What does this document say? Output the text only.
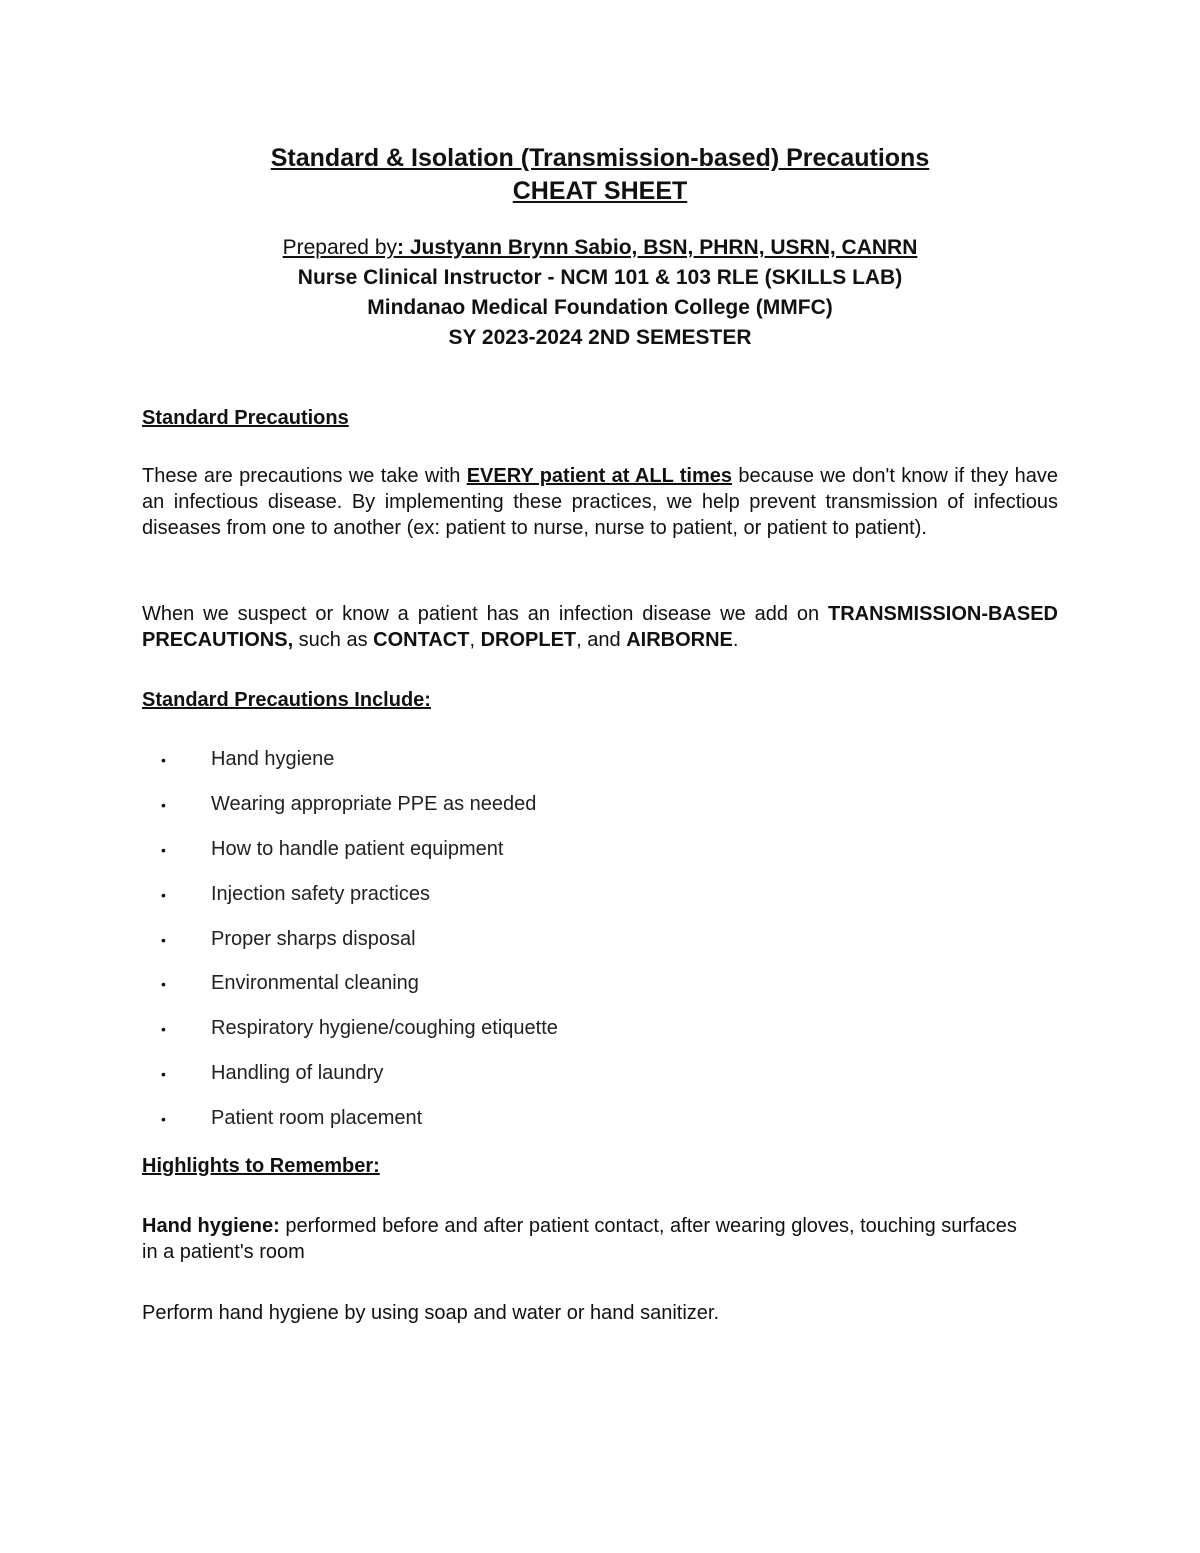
Standard & Isolation (Transmission-based) Precautions
CHEAT SHEET
Prepared by: Justyann Brynn Sabio, BSN, PHRN, USRN, CANRN
Nurse Clinical Instructor - NCM 101 & 103 RLE (SKILLS LAB)
Mindanao Medical Foundation College (MMFC)
SY 2023-2024 2ND SEMESTER
Standard Precautions
These are precautions we take with EVERY patient at ALL times because we don't know if they have an infectious disease. By implementing these practices, we help prevent transmission of infectious diseases from one to another (ex: patient to nurse, nurse to patient, or patient to patient).
When we suspect or know a patient has an infection disease we add on TRANSMISSION-BASED PRECAUTIONS, such as CONTACT, DROPLET, and AIRBORNE.
Standard Precautions Include:
• Hand hygiene
• Wearing appropriate PPE as needed
• How to handle patient equipment
• Injection safety practices
• Proper sharps disposal
• Environmental cleaning
• Respiratory hygiene/coughing etiquette
• Handling of laundry
• Patient room placement
Highlights to Remember:
Hand hygiene: performed before and after patient contact, after wearing gloves, touching surfaces in a patient's room
Perform hand hygiene by using soap and water or hand sanitizer.
